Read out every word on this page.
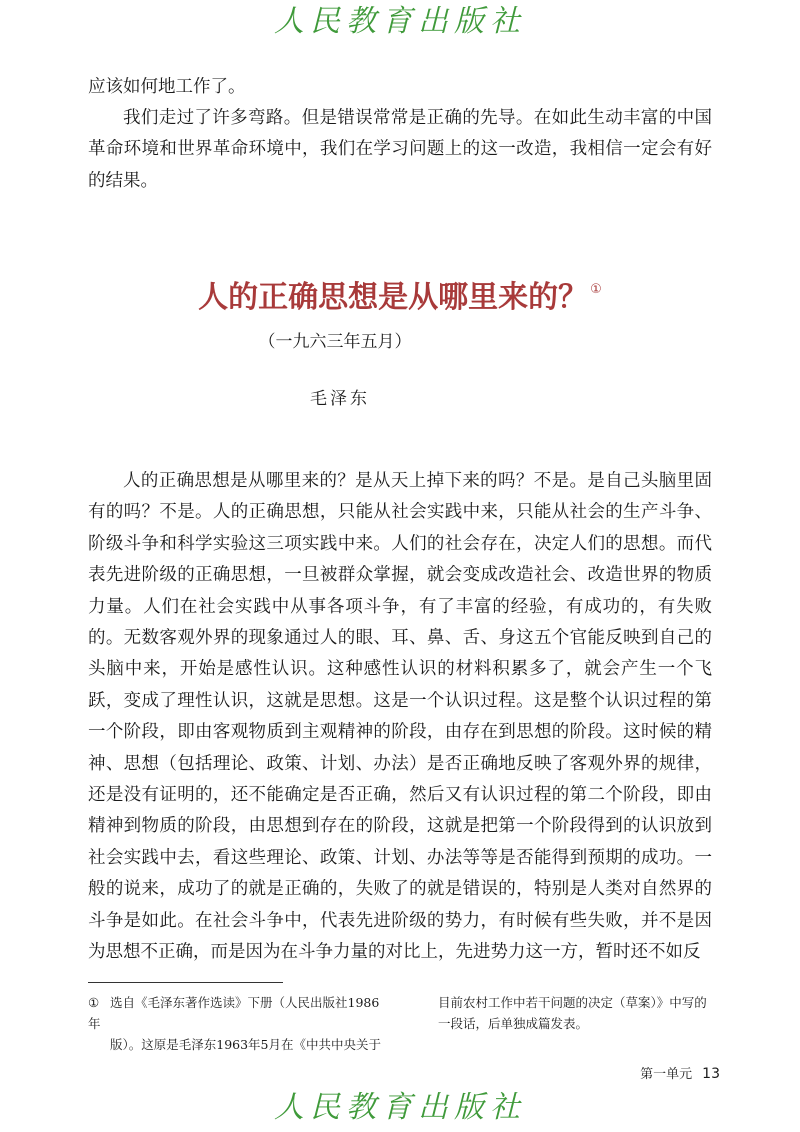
人民教育出版社

应该如何地工作了。

我们走过了许多弯路。但是错误常常是正确的先导。在如此生动丰富的中国革命环境和世界革命环境中，我们在学习问题上的这一改造，我相信一定会有好的结果。

人的正确思想是从哪里来的？ ①
（一九六三年五月）
毛泽东

人的正确思想是从哪里来的？是从天上掉下来的吗？不是。是自己头脑里固有的吗？不是。人的正确思想，只能从社会实践中来，只能从社会的生产斗争、阶级斗争和科学实验这三项实践中来。人们的社会存在，决定人们的思想。而代表先进阶级的正确思想，一旦被群众掌握，就会变成改造社会、改造世界的物质力量。人们在社会实践中从事各项斗争，有了丰富的经验，有成功的，有失败的。无数客观外界的现象通过人的眼、耳、鼻、舌、身这五个官能反映到自己的头脑中来，开始是感性认识。这种感性认识的材料积累多了，就会产生一个飞跃，变成了理性认识，这就是思想。这是一个认识过程。这是整个认识过程的第一个阶段，即由客观物质到主观精神的阶段，由存在到思想的阶段。这时候的精神、思想（包括理论、政策、计划、办法）是否正确地反映了客观外界的规律，还是没有证明的，还不能确定是否正确，然后又有认识过程的第二个阶段，即由精神到物质的阶段，由思想到存在的阶段，这就是把第一个阶段得到的认识放到社会实践中去，看这些理论、政策、计划、办法等等是否能得到预期的成功。一般的说来，成功了的就是正确的，失败了的就是错误的，特别是人类对自然界的斗争是如此。在社会斗争中，代表先进阶级的势力，有时候有些失败，并不是因为思想不正确，而是因为在斗争力量的对比上，先进势力这一方，暂时还不如反

① 选自《毛泽东著作选读》下册（人民出版社1986年
版）。这原是毛泽东1963年5月在《中共中央关于
目前农村工作中若干问题的决定（草案）》中写的
一段话，后单独成篇发表。
第一单元 13
人民教育出版社
